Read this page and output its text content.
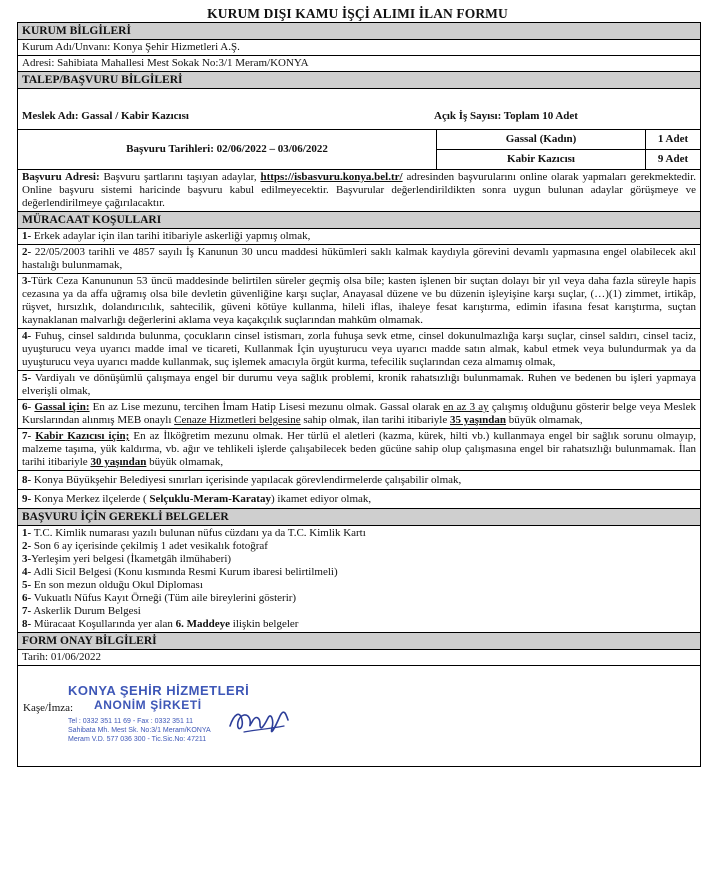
KURUM DIŞI KAMU İŞÇİ ALIMI İLAN FORMU
KURUM BİLGİLERİ
Kurum Adı/Unvanı: Konya Şehir Hizmetleri A.Ş.
Adresi: Sahibiata Mahallesi Mest Sokak No:3/1 Meram/KONYA
TALEP/BAŞVURU BİLGİLERİ
Meslek Adı: Gassal / Kabir Kazıcısı	Açık İş Sayısı: Toplam 10 Adet
Başvuru Tarihleri: 02/06/2022 – 03/06/2022
Gassal (Kadın)	1 Adet
Kabir Kazıcısı	9 Adet
Başvuru Adresi: Başvuru şartlarını taşıyan adaylar, https://isbasvuru.konya.bel.tr/ adresinden başvurularını online olarak yapmaları gerekmektedir. Online başvuru sistemi haricinde başvuru kabul edilmeyecektir. Başvurular değerlendirildikten sonra uygun bulunan adaylar görüşmeye ve değerlendirilmeye çağırılacaktır.
MÜRACAAT KOŞULLARI
1- Erkek adaylar için ilan tarihi itibariyle askerliği yapmış olmak,
2- 22/05/2003 tarihli ve 4857 sayılı İş Kanunun 30 uncu maddesi hükümleri saklı kalmak kaydıyla görevini devamlı yapmasına engel olabilecek akıl hastalığı bulunmamak,
3-Türk Ceza Kanununun 53 üncü maddesinde belirtilen süreler geçmiş olsa bile; kasten işlenen bir suçtan dolayı bir yıl veya daha fazla süreyle hapis cezasına ya da affa uğramış olsa bile devletin güvenliğine karşı suçlar, Anayasal düzene ve bu düzenin işleyişine karşı suçlar, (…)(1) zimmet, irtikâp, rüşvet, hırsızlık, dolandırıcılık, sahtecilik, güveni kötüye kullanma, hileli iflas, ihaleye fesat karıştırma, edimin ifasına fesat karıştırma, suçtan kaynaklanan malvarlığı değerlerini aklama veya kaçakçılık suçlarından mahkûm olmamak.
4- Fuhuş, cinsel saldırıda bulunma, çocukların cinsel istismarı, zorla fuhuşa sevk etme, cinsel dokunulmazlığa karşı suçlar, cinsel saldırı, cinsel taciz, uyuşturucu veya uyarıcı madde imal ve ticareti, Kullanmak İçin uyuşturucu veya uyarıcı madde satın almak, kabul etmek veya bulundurmak ya da uyuşturucu veya uyarıcı madde kullanmak, suç işlemek amacıyla örgüt kurma, tefecilik suçlarından ceza almamış olmak,
5- Vardiyalı ve dönüşümlü çalışmaya engel bir durumu veya sağlık problemi, kronik rahatsızlığı bulunmamak. Ruhen ve bedenen bu işleri yapmaya elverişli olmak,
6- Gassal için: En az Lise mezunu, tercihen İmam Hatip Lisesi mezunu olmak. Gassal olarak en az 3 ay çalışmış olduğunu gösterir belge veya Meslek Kurslarından alınmış MEB onaylı Cenaze Hizmetleri belgesine sahip olmak, ilan tarihi itibariyle 35 yaşından büyük olmamak,
7- Kabir Kazıcısı için; En az İlköğretim mezunu olmak. Her türlü el aletleri (kazma, kürek, hilti vb.) kullanmaya engel bir sağlık sorunu olmayıp, malzeme taşıma, yük kaldırma, vb. ağır ve tehlikeli işlerde çalışabilecek beden gücüne sahip olup çalışmasına engel bir rahatsızlığı bulunmamak. İlan tarihi itibariyle 30 yaşından büyük olmamak,
8- Konya Büyükşehir Belediyesi sınırları içerisinde yapılacak görevlendirmelerde çalışabilir olmak,
9- Konya Merkez ilçelerde ( Selçuklu-Meram-Karatay) ikamet ediyor olmak,
BAŞVURU İÇİN GEREKLİ BELGELER
1- T.C. Kimlik numarası yazılı bulunan nüfus cüzdanı ya da T.C. Kimlik Kartı
2- Son 6 ay içerisinde çekilmiş 1 adet vesikalık fotoğraf
3-Yerleşim yeri belgesi (İkametgâh ilmühaberi)
4- Adli Sicil Belgesi (Konu kısmında Resmi Kurum ibaresi belirtilmeli)
5- En son mezun olduğu Okul Diploması
6- Vukuatlı Nüfus Kayıt Örneği (Tüm aile bireylerini gösterir)
7- Askerlik Durum Belgesi
8- Müracaat Koşullarında yer alan 6. Maddeye ilişkin belgeler
FORM ONAY BİLGİLERİ
Tarih: 01/06/2022
Kaşe/İmza:
KONYA ŞEHİR HİZMETLERİ
ANONİM ŞİRKETİ
Tel : 0332 351 11 69 - Fax : 0332 351 11
Sahibata Mh. Mest Sk. No:3/1 Meram/KONYA
Meram V.D. 577 036 300 - Tic.Sic.No: 47211
